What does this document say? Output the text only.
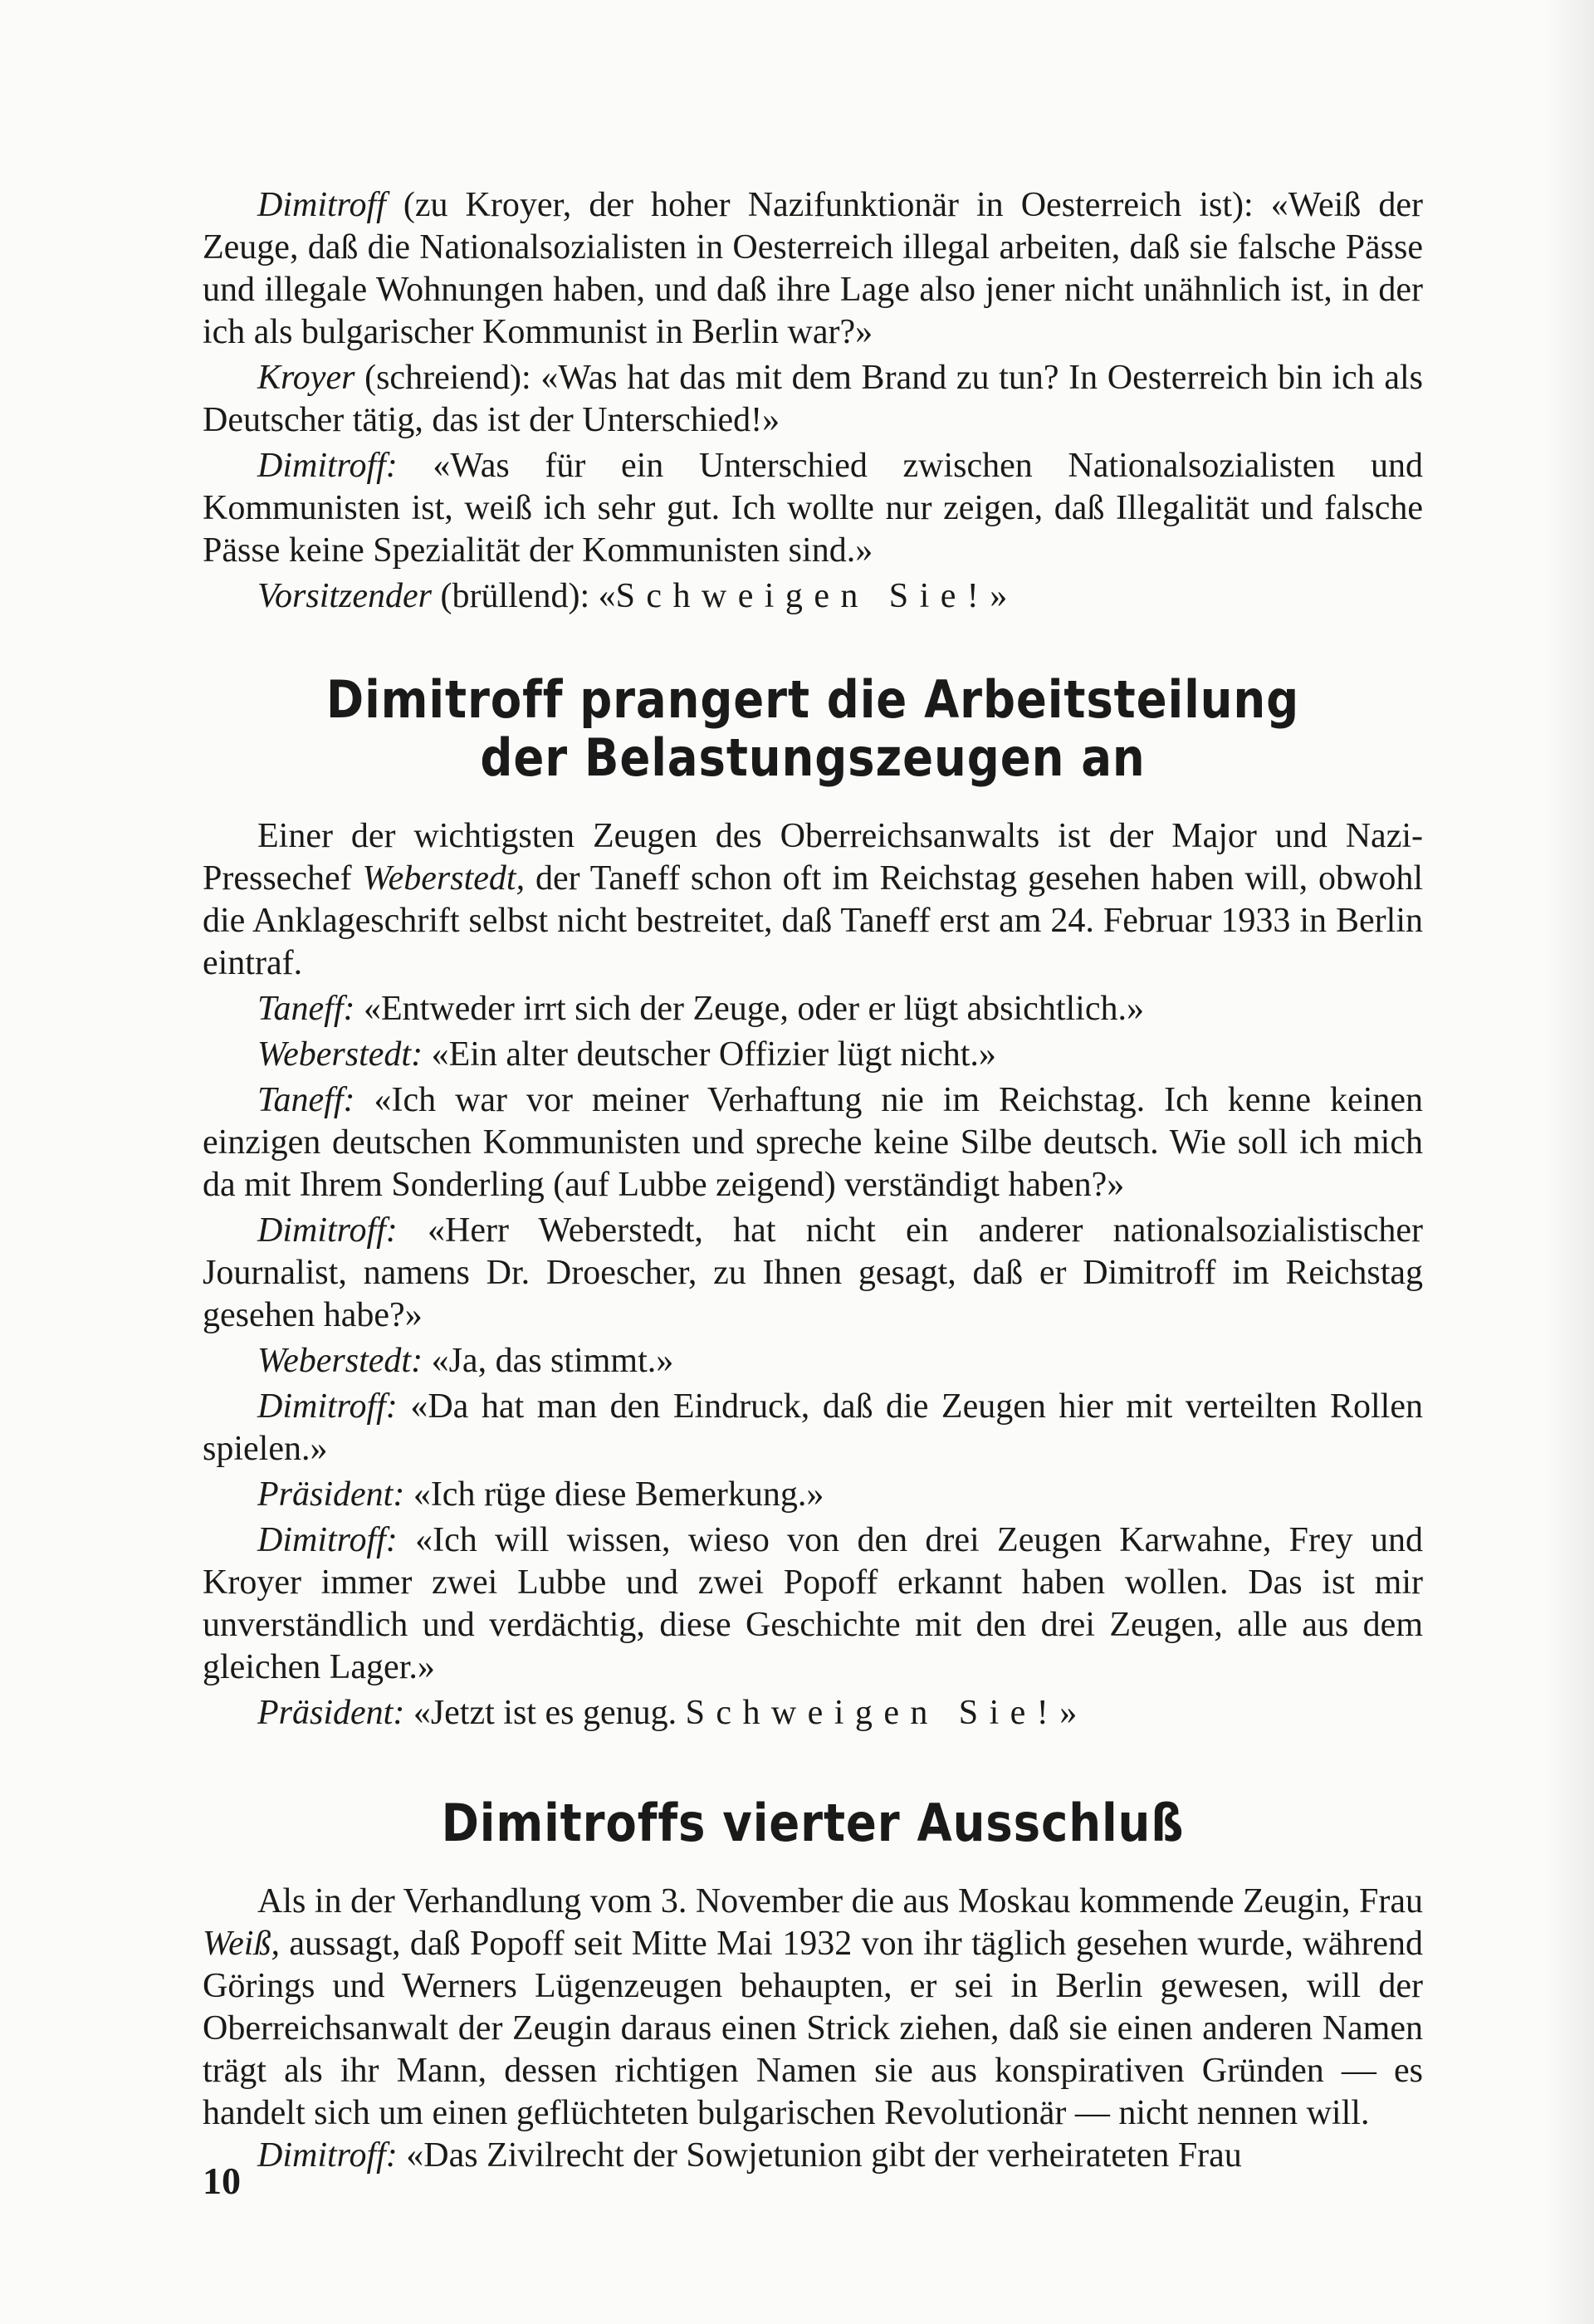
Dimitroff (zu Kroyer, der hoher Nazifunktionär in Oesterreich ist): «Weiß der Zeuge, daß die Nationalsozialisten in Oesterreich illegal arbeiten, daß sie falsche Pässe und illegale Wohnungen haben, und daß ihre Lage also jener nicht unähnlich ist, in der ich als bulgarischer Kommunist in Berlin war?»

Kroyer (schreiend): «Was hat das mit dem Brand zu tun? In Oesterreich bin ich als Deutscher tätig, das ist der Unterschied!»

Dimitroff: «Was für ein Unterschied zwischen Nationalsozialisten und Kommunisten ist, weiß ich sehr gut. Ich wollte nur zeigen, daß Illegalität und falsche Pässe keine Spezialität der Kommunisten sind.»

Vorsitzender (brüllend): «Schweigen Sie!»

Dimitroff prangert die Arbeitsteilung der Belastungszeugen an

Einer der wichtigsten Zeugen des Oberreichsanwalts ist der Major und Nazi-Pressechef Weberstedt, der Taneff schon oft im Reichstag gesehen haben will, obwohl die Anklageschrift selbst nicht bestreitet, daß Taneff erst am 24. Februar 1933 in Berlin eintraf.

Taneff: «Entweder irrt sich der Zeuge, oder er lügt absichtlich.»

Weberstedt: «Ein alter deutscher Offizier lügt nicht.»

Taneff: «Ich war vor meiner Verhaftung nie im Reichstag. Ich kenne keinen einzigen deutschen Kommunisten und spreche keine Silbe deutsch. Wie soll ich mich da mit Ihrem Sonderling (auf Lubbe zeigend) verständigt haben?»

Dimitroff: «Herr Weberstedt, hat nicht ein anderer nationalsozialistischer Journalist, namens Dr. Droescher, zu Ihnen gesagt, daß er Dimitroff im Reichstag gesehen habe?»

Weberstedt: «Ja, das stimmt.»

Dimitroff: «Da hat man den Eindruck, daß die Zeugen hier mit verteilten Rollen spielen.»

Präsident: «Ich rüge diese Bemerkung.»

Dimitroff: «Ich will wissen, wieso von den drei Zeugen Karwahne, Frey und Kroyer immer zwei Lubbe und zwei Popoff erkannt haben wollen. Das ist mir unverständlich und verdächtig, diese Geschichte mit den drei Zeugen, alle aus dem gleichen Lager.»

Präsident: «Jetzt ist es genug. Schweigen Sie!»

Dimitroffs vierter Ausschluß

Als in der Verhandlung vom 3. November die aus Moskau kommende Zeugin, Frau Weiß, aussagt, daß Popoff seit Mitte Mai 1932 von ihr täglich gesehen wurde, während Görings und Werners Lügenzeugen behaupten, er sei in Berlin gewesen, will der Oberreichsanwalt der Zeugin daraus einen Strick ziehen, daß sie einen anderen Namen trägt als ihr Mann, dessen richtigen Namen sie aus konspirativen Gründen — es handelt sich um einen geflüchteten bulgarischen Revolutionär — nicht nennen will.

Dimitroff: «Das Zivilrecht der Sowjetunion gibt der verheirateten Frau

10
